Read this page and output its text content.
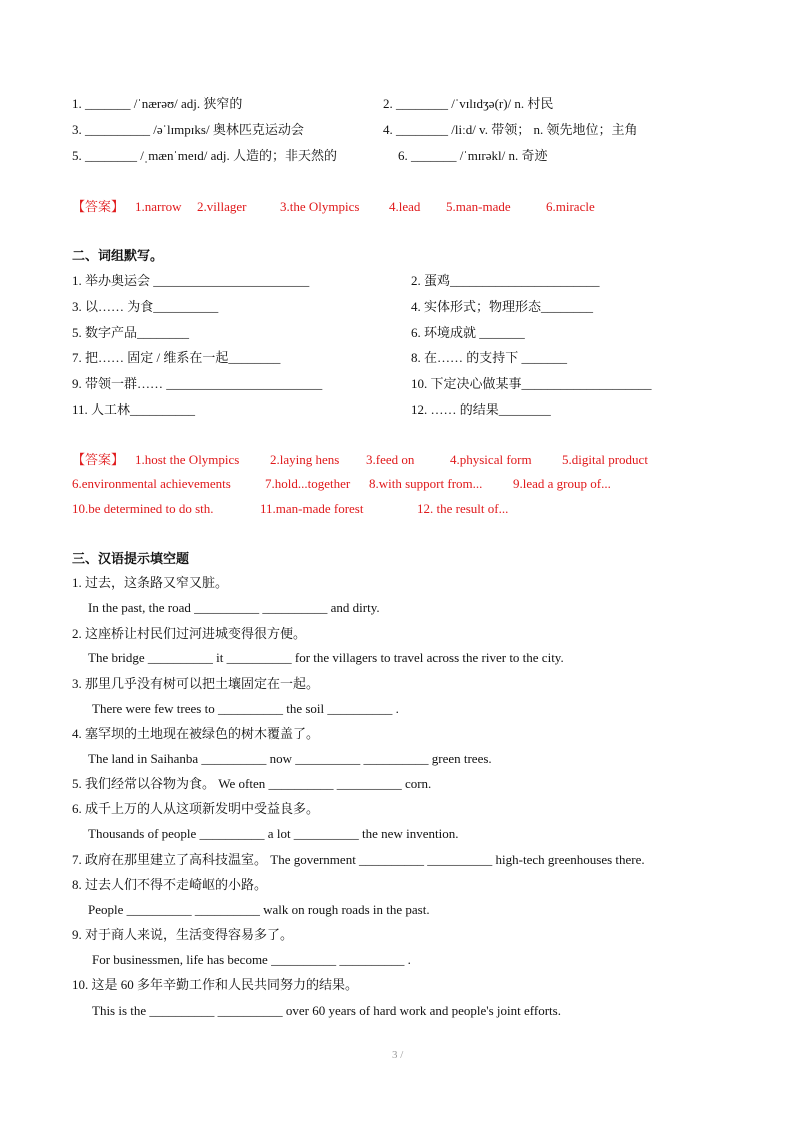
1. _______ /ˈnærəʊ/ adj. 狭窄的	2. ________ /ˈvɪlɪdʒə(r)/ n. 村民
3. __________ /əˈlɪmpɪks/ 奥林匹克运动会	4. ________ /liːd/ v. 带领； n. 领先地位；主角
5. ________ /ˌmænˈmeɪd/ adj. 人造的；非天然的	6. _______ /ˈmɪrəkl/ n. 奇迹
【答案】 1.narrow 2.villager	3.the Olympics 4.lead 5.man-made	6.miracle
二、词组默写。
1. 举办奥运会 ________________________	2. 蛋鸡_______________________
3. 以…… 为食__________	4. 实体形式；物理形态________
5. 数字产品________	6. 环境成就 _______
7. 把…… 固定 / 维系在一起________	8. 在…… 的支持下 _______
9. 带领一群…… ________________________	10. 下定决心做某事____________________
11. 人工林__________	12. …… 的结果________
【答案】 1.host the Olympics 2.laying hens 3.feed on	4.physical form 5.digital product
6.environmental achievements	7.hold...together 8.with support from... 9.lead a group of...
10.be determined to do sth.	11.man-made forest	12. the result of...
三、汉语提示填空题
1. 过去，这条路又窄又脏。
In the past, the road __________ __________ and dirty.
2. 这座桥让村民们过河进城变得很方便。
The bridge __________ it __________ for the villagers to travel across the river to the city.
3. 那里几乎没有树可以把土壤固定在一起。
There were few trees to __________ the soil __________ .
4. 塞罕坝的土地现在被绿色的树木覆盖了。
The land in Saihanba __________ now __________ __________ green trees.
5. 我们经常以谷物为食。 We often __________ __________ corn.
6. 成千上万的人从这项新发明中受益良多。
Thousands of people __________ a lot __________ the new invention.
7. 政府在那里建立了高科技温室。 The government __________ __________ high-tech greenhouses there.
8. 过去人们不得不走崎岖的小路。
People __________ __________ walk on rough roads in the past.
9. 对于商人来说，生活变得容易多了。
For businessmen, life has become __________ __________ .
10. 这是 60 多年辛勤工作和人民共同努力的结果。
This is the __________ __________ over 60 years of hard work and people's joint efforts.
3 /
